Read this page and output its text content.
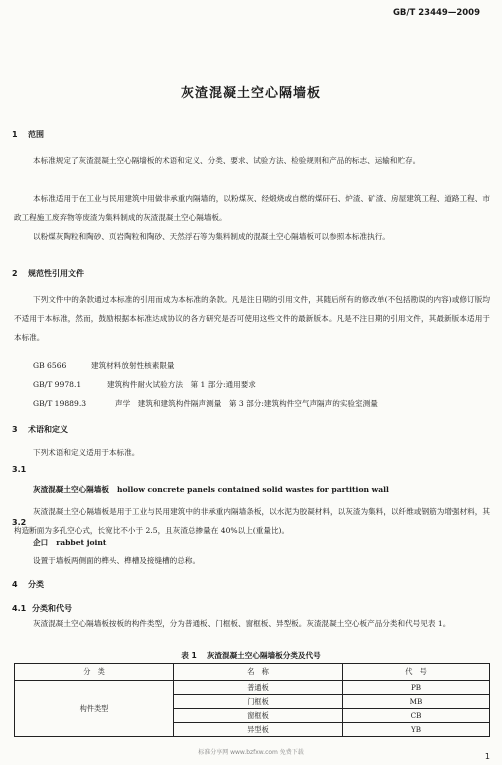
GB/T 23449—2009
灰渣混凝土空心隔墙板
1 范围
本标准规定了灰渣混凝土空心隔墙板的术语和定义、分类、要求、试验方法、检验规则和产品的标志、运输和贮存。
本标准适用于在工业与民用建筑中用做非承重内隔墙的，以粉煤灰、经煅烧或自燃的煤矸石、炉渣、矿渣、房屋建筑工程、道路工程、市政工程施工废弃物等废渣为集料制成的灰渣混凝土空心隔墙板。
以粉煤灰陶粒和陶砂、页岩陶粒和陶砂、天然浮石等为集料制成的混凝土空心隔墙板可以参照本标准执行。
2 规范性引用文件
下列文件中的条款通过本标准的引用而成为本标准的条款。凡是注日期的引用文件，其随后所有的修改单(不包括勘误的内容)或修订版均不适用于本标准，然而，鼓励根据本标准达成协议的各方研究是否可使用这些文件的最新版本。凡是不注日期的引用文件，其最新版本适用于本标准。
GB 6566	建筑材料放射性核素限量
GB/T 9978.1	建筑构件耐火试验方法　第 1 部分:通用要求
GB/T 19889.3	声学　建筑和建筑构件隔声测量　第 3 部分:建筑构件空气声隔声的实验室测量
3 术语和定义
下列术语和定义适用于本标准。
3.1
灰渣混凝土空心隔墙板 hollow concrete panels contained solid wastes for partition wall
灰渣混凝土空心隔墙板是用于工业与民用建筑中的非承重内隔墙条板，以水泥为胶凝材料，以灰渣为集料，以纤维或钢筋为增强材料，其构造断面为多孔空心式，长宽比不小于 2.5，且灰渣总掺量在 40%以上(重量比)。
3.2
企口 rabbet joint
设置于墙板两侧面的榫头、榫槽及接缝槽的总称。
4 分类
4.1 分类和代号
灰渣混凝土空心隔墙板按板的构件类型，分为普通板、门框板、窗框板、异型板。灰渣混凝土空心板产品分类和代号见表 1。
表 1 灰渣混凝土空心隔墙板分类及代号
分　类	名　称	代　号
构件类型	普通板	PB
	门框板	MB
	窗框板	CB
	异型板	YB
标准分享网 www.bzfxw.com 免费下载	1
